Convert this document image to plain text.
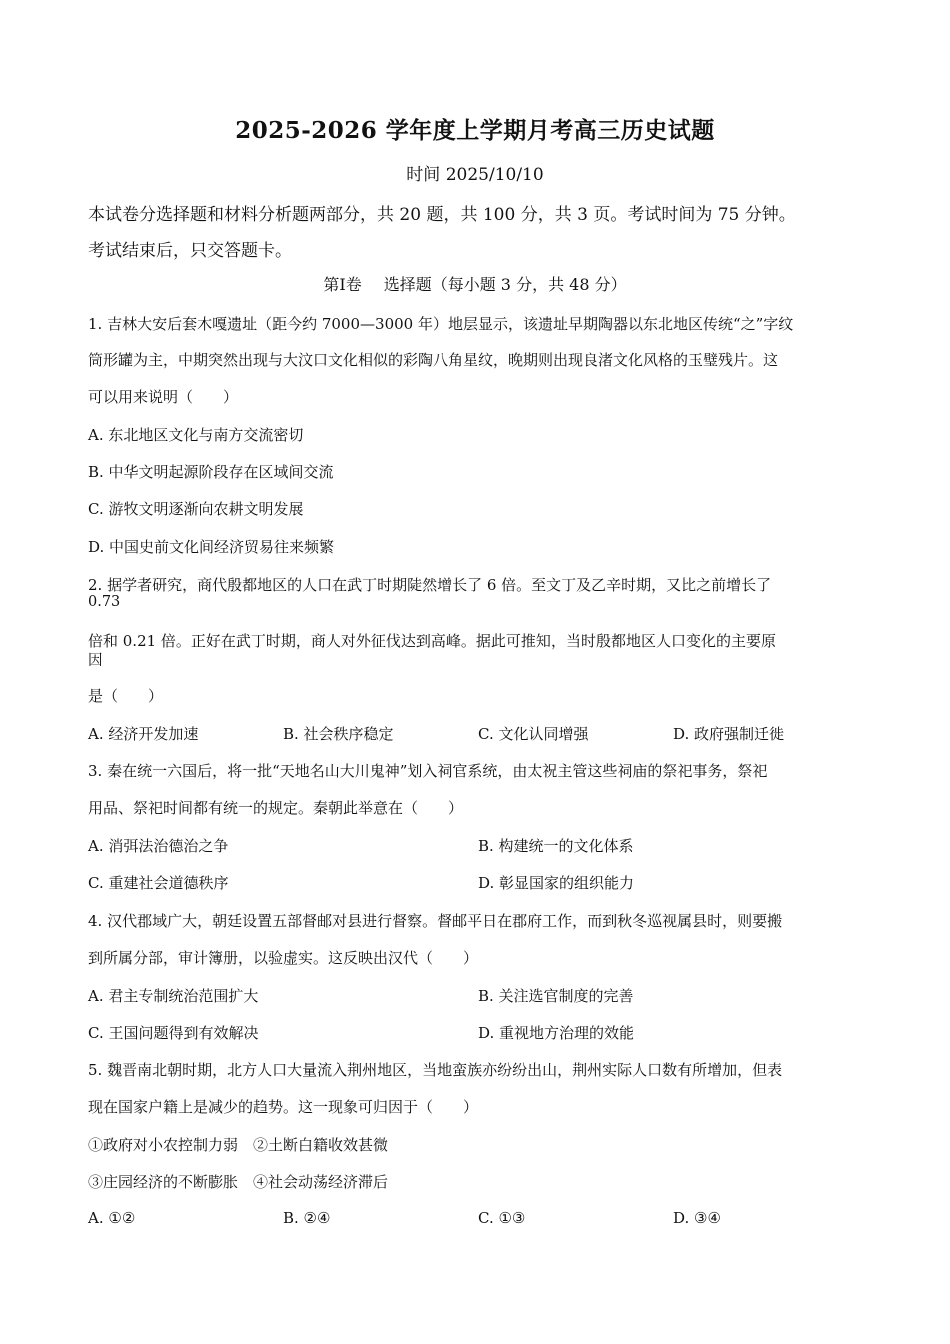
2025-2026 学年度上学期月考高三历史试题
时间 2025/10/10
本试卷分选择题和材料分析题两部分，共 20 题，共 100 分，共 3 页。考试时间为 75 分钟。
考试结束后，只交答题卡。
第Ⅰ卷 选择题（每小题 3 分，共 48 分）
1. 吉林大安后套木嘎遗址（距今约 7000—3000 年）地层显示，该遗址早期陶器以东北地区传统“之”字纹
筒形罐为主，中期突然出现与大汶口文化相似的彩陶八角星纹，晚期则出现良渚文化风格的玉璧残片。这
可以用来说明（　　）
A. 东北地区文化与南方交流密切
B. 中华文明起源阶段存在区域间交流
C. 游牧文明逐渐向农耕文明发展
D. 中国史前文化间经济贸易往来频繁
2. 据学者研究，商代殷都地区的人口在武丁时期陡然增长了 6 倍。至文丁及乙辛时期，又比之前增长了
0.73
倍和 0.21 倍。正好在武丁时期，商人对外征伐达到高峰。据此可推知，当时殷都地区人口变化的主要原
因
是（　　）
A. 经济开发加速	B. 社会秩序稳定	C. 文化认同增强	D. 政府强制迁徙
3. 秦在统一六国后，将一批“天地名山大川鬼神”划入祠官系统，由太祝主管这些祠庙的祭祀事务，祭祀
用品、祭祀时间都有统一的规定。秦朝此举意在（　　）
A. 消弭法治德治之争	B. 构建统一的文化体系
C. 重建社会道德秩序	D. 彰显国家的组织能力
4. 汉代郡域广大，朝廷设置五部督邮对县进行督察。督邮平日在郡府工作，而到秋冬巡视属县时，则要搬
到所属分部，审计簿册，以验虚实。这反映出汉代（　　）
A. 君主专制统治范围扩大	B. 关注选官制度的完善
C. 王国问题得到有效解决	D. 重视地方治理的效能
5. 魏晋南北朝时期，北方人口大量流入荆州地区，当地蛮族亦纷纷出山，荆州实际人口数有所增加，但表
现在国家户籍上是减少的趋势。这一现象可归因于（　　）
①政府对小农控制力弱　②土断白籍收效甚微
③庄园经济的不断膨胀　④社会动荡经济滞后
A. ①②	B. ②④	C. ①③	D. ③④
